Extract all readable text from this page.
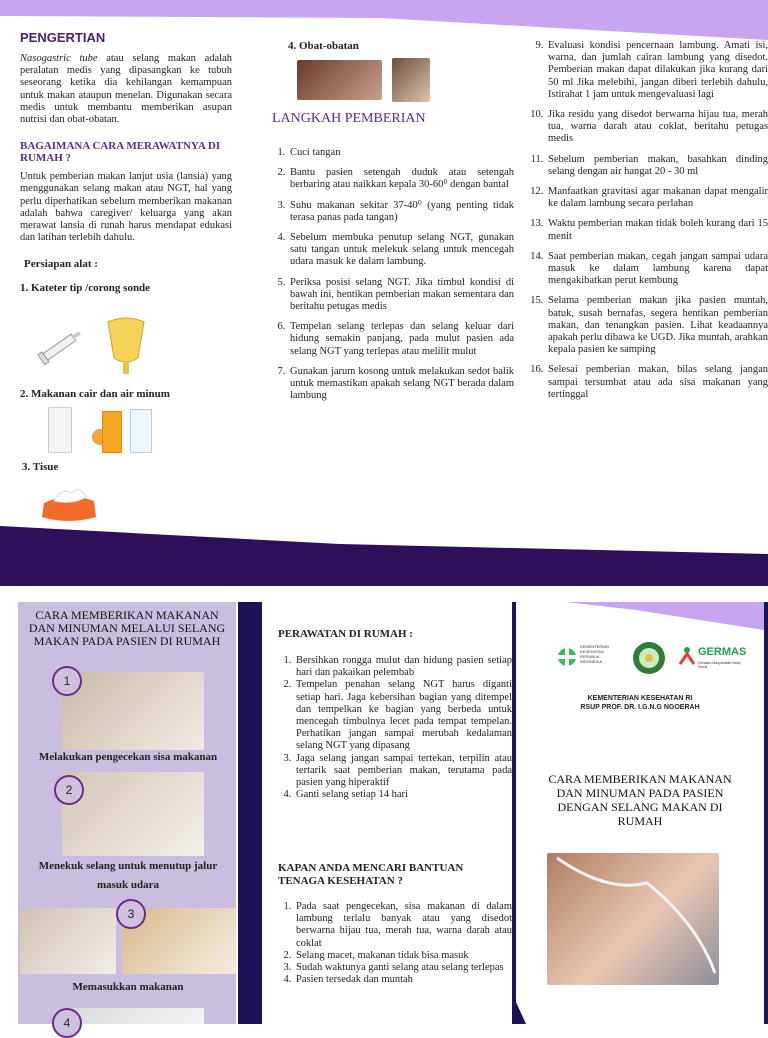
PENGERTIAN

Nasogastric tube atau selang makan adalah peralatan medis yang dipasangkan ke tubuh seseorang ketika dia kehilangan kemampuan untuk makan ataupun menelan. Digunakan secara medis untuk membantu memberikan asupan nutrisi dan obat-obatan.

BAGAIMANA CARA MERAWATNYA DI RUMAH ?

Untuk pemberian makan lanjut usia (lansia) yang menggunakan selang makan atau NGT, hal yang perlu diperhatikan sebelum memberikan makanan adalah bahwa caregiver/ keluarga yang akan merawat lansia di runah harus mendapat edukasi dan latihan terlebih dahulu.

Persiapan alat :
1. Kateter tip /corong sonde
2. Makanan cair dan air minum
3. Tisue
4. Obat-obatan
LANGKAH PEMBERIAN
1. Cuci tangan
2. Bantu pasien setengah duduk atau setengah berbaring atau naikkan kepala 30-60⁰ dengan bantal
3. Suhu makanan sekitar 37-40⁰ (yang penting tidak terasa panas pada tangan)
4. Sebelum membuka penutup selang NGT, gunakan satu tangan untuk melekuk selang untuk mencegah udara masuk ke dalam lambung.
5. Periksa posisi selang NGT. Jika timbul kondisi di bawah ini, hentikan pemberian makan sementara dan beritahu petugas medis
6. Tempelan selang terlepas dan selang keluar dari hidung semakin panjang, pada mulut pasien ada selang NGT yang terlepas atau melilit mulut
7. Gunakan jarum kosong untuk melakukan sedot balik untuk memastikan apakah selang NGT berada dalam lambung
9. Evaluasi kondisi pencernaan lambung. Amati isi, warna, dan jumlah cairan lambung yang disedot. Pemberian makan dapat dilakukan jika kurang dari 50 ml Jika melebihi, jangan diberi terlebih dahulu, Istirahat 1 jam untuk mengevaluasi lagi
10. Jika residu yang disedot berwarna hijau tua, merah tua, warna darah atau coklat, beritahu petugas medis
11. Sebelum pemberian makan, basahkan dinding selang dengan air hangat 20 - 30 ml
12. Manfaatkan gravitasi agar makanan dapat mengalir ke dalam lambung secara perlahan
13. Waktu pemberian makan tidak boleh kurang dari 15 menit
14. Saat pemberian makan, cegah jangan sampai udara masuk ke dalam lambung karena dapat mengakibatkan perut kembung
15. Selama pemberian makan jika pasien muntah, batuk, susah bernafas, segera hentikan pemberian makan, dan tenangkan pasien. Lihat keadaannya apakah perlu dibawa ke UGD. Jika muntah, arahkan kepala pasien ke samping
16. Selesai pemberian makan, bilas selang jangan sampai tersumbat atau ada sisa makanan yang tertinggal
CARA MEMBERIKAN MAKANAN DAN MINUMAN MELALUI SELANG MAKAN PADA PASIEN DI RUMAH
1
Melakukan pengecekan sisa makanan
2
Menekuk selang untuk menutup jalur masuk udara
3
Memasukkan makanan
4
PERAWATAN DI RUMAH :
1. Bersihkan rongga mulut dan hidung pasien setiap hari dan pakaikan pelembab
2. Tempelan penahan selang NGT harus diganti setiap hari. Jaga kebersihan bagian yang ditempel dan tempelkan ke bagian yang berbeda untuk mencegah timbulnya lecet pada tempat tempelan. Perhatikan jangan sampai merubah kedalaman selang NGT yang dipasang
3. Jaga selang jangan sampai tertekan, terpilin atau tertarik saat pemberian makan, terutama pada pasien yang hiperaktif
4. Ganti selang setiap 14 hari
KAPAN ANDA MENCARI BANTUAN TENAGA KESEHATAN ?
1. Pada saat pengecekan, sisa makanan di dalam lambung terlalu banyak atau yang disedot berwarna hijau tua, merah tua, warna darah atau coklat
2. Selang macet, makanan tidak bisa masuk
3. Sudah waktunya ganti selang atau selang terlepas
4. Pasien tersedak dan muntah
KEMENTERIAN KESEHATAN REPUBLIK INDONESIA
GERMAS
Gerakan Masyarakat Hidup Sehat
KEMENTERIAN KESEHATAN RI
RSUP PROF. DR. I.G.N.G NGOERAH
CARA MEMBERIKAN MAKANAN DAN MINUMAN PADA PASIEN DENGAN SELANG MAKAN DI RUMAH
